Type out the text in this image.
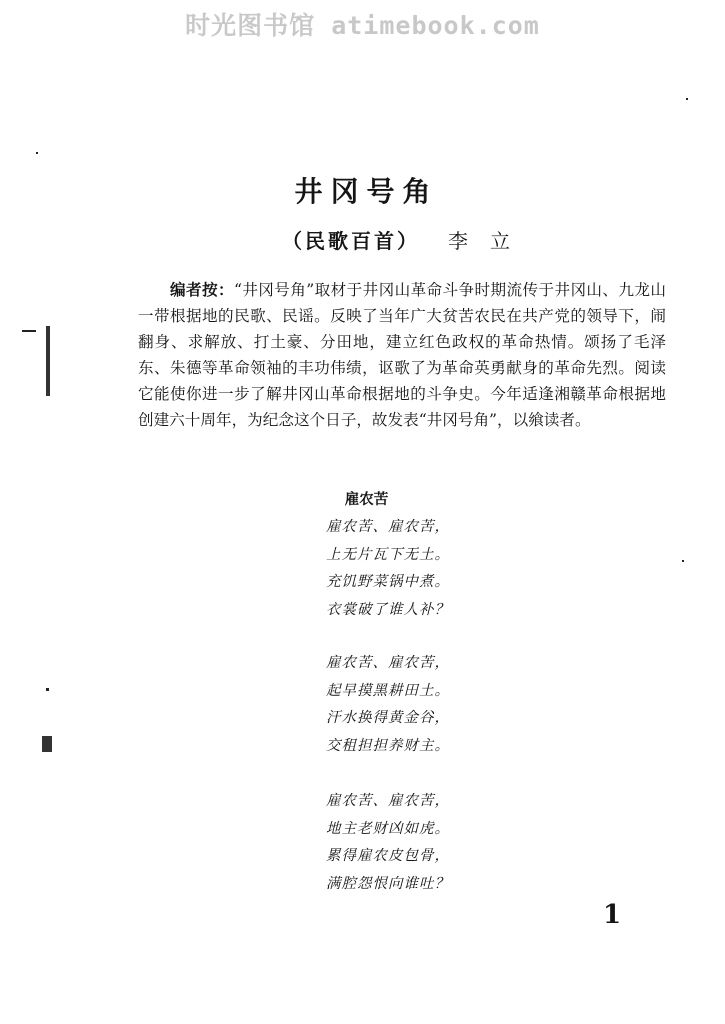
时光图书馆 atimebook.com
井冈号角
（民歌百首） 李立
编者按：“井冈号角”取材于井冈山革命斗争时期流传于井冈山、九龙山一带根据地的民歌、民谣。反映了当年广大贫苦农民在共产党的领导下，闹翻身、求解放、打土豪、分田地，建立红色政权的革命热情。颂扬了毛泽东、朱德等革命领袖的丰功伟绩，讴歌了为革命英勇献身的革命先烈。阅读它能使你进一步了解井冈山革命根据地的斗争史。今年适逢湘赣革命根据地创建六十周年，为纪念这个日子，故发表“井冈号角”，以飨读者。
雇农苦
雇农苦、雇农苦，
上无片瓦下无土。
充饥野菜锅中煮。
衣裳破了谁人补？
雇农苦、雇农苦，
起早摸黑耕田土。
汗水换得黄金谷，
交租担担养财主。
雇农苦、雇农苦，
地主老财凶如虎。
累得雇农皮包骨，
满腔怨恨向谁吐？
1
